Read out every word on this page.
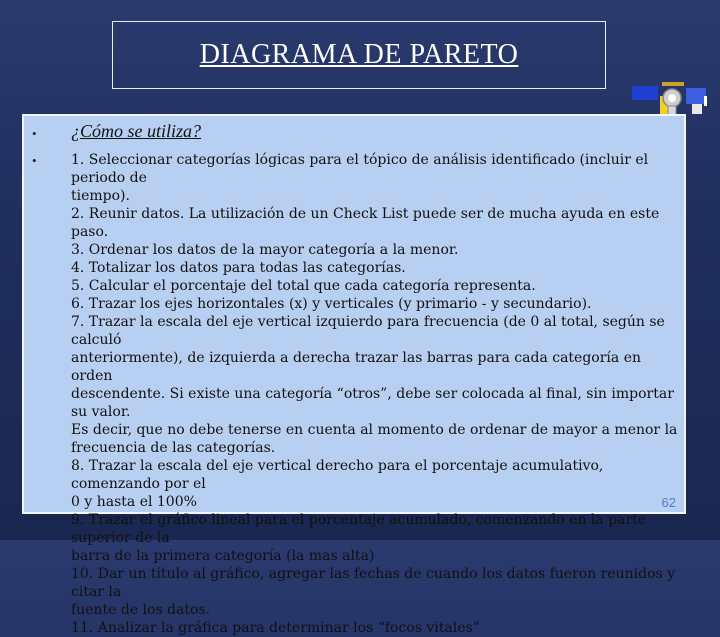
DIAGRAMA DE PARETO
• ¿Cómo se utiliza?
• 1. Seleccionar categorías lógicas para el tópico de análisis identificado (incluir el periodo de
tiempo).

2. Reunir datos. La utilización de un Check List puede ser de mucha ayuda en este paso.

3. Ordenar los datos de la mayor categoría a la menor.

4. Totalizar los datos para todas las categorías.

5. Calcular el porcentaje del total que cada categoría representa.

6. Trazar los ejes horizontales (x) y verticales (y primario - y secundario).

7. Trazar la escala del eje vertical izquierdo para frecuencia (de 0 al total, según se calculó
anteriormente), de izquierda a derecha trazar las barras para cada categoría en orden
descendente. Si existe una categoría “otros”, debe ser colocada al final, sin importar su valor.
Es decir, que no debe tenerse en cuenta al momento de ordenar de mayor a menor la
frecuencia de las categorías.

8. Trazar la escala del eje vertical derecho para el porcentaje acumulativo, comenzando por el
0 y hasta el 100%

9. Trazar el gráfico lineal para el porcentaje acumulado, comenzando en la parte superior de la
barra de la primera categoría (la mas alta)

10. Dar un título al gráfico, agregar las fechas de cuando los datos fueron reunidos y citar la
fuente de los datos.

11. Analizar la gráfica para determinar los “focos vitales”

62
